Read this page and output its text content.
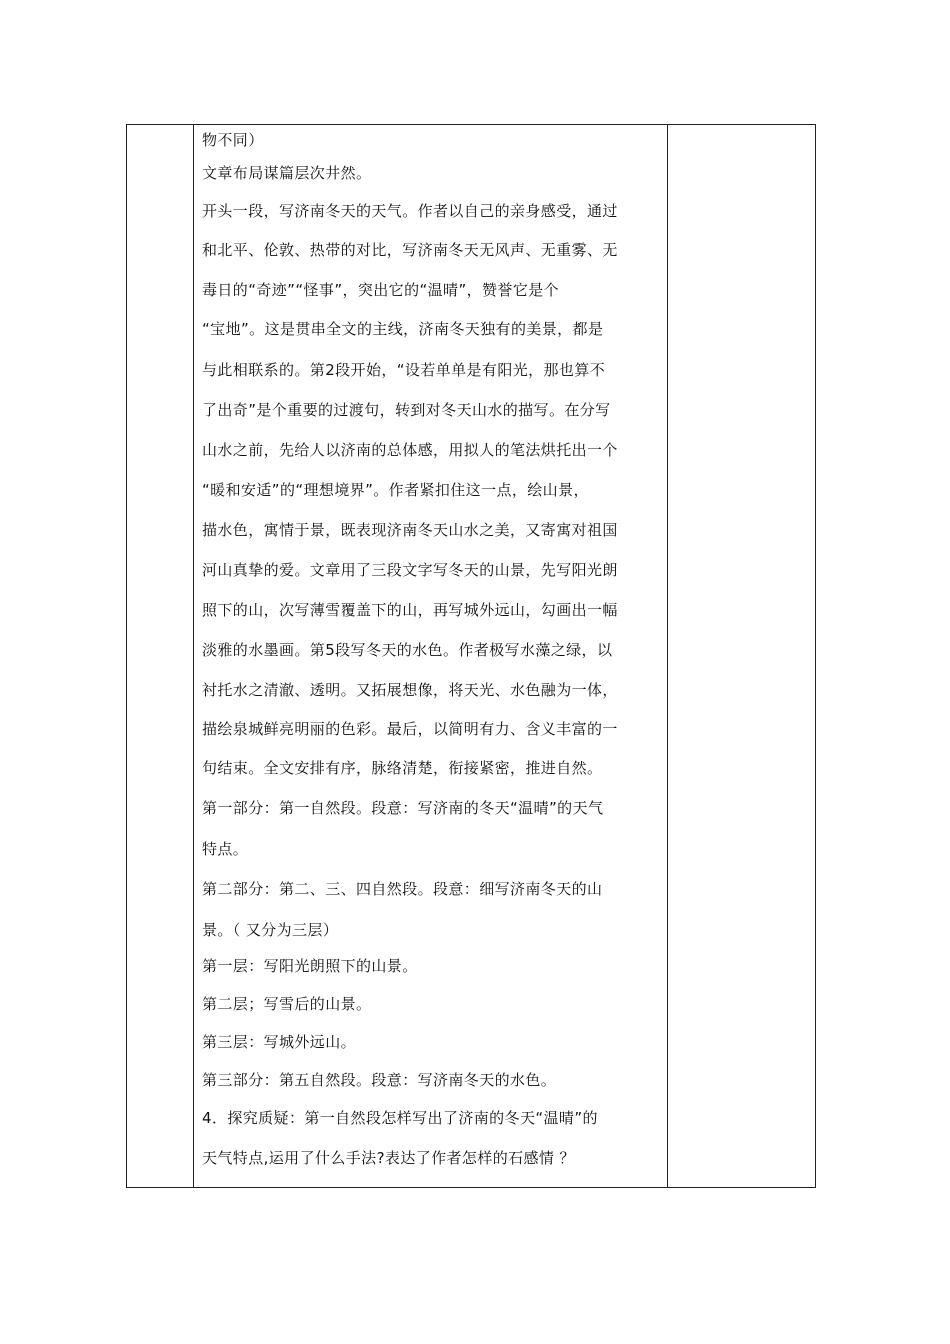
物不同）
文章布局谋篇层次井然。
开头一段，写济南冬天的天气。作者以自己的亲身感受，通过
和北平、伦敦、热带的对比，写济南冬天无风声、无重雾、无
毒日的“奇迹”“怪事”，突出它的“温晴”，赞誉它是个
“宝地”。这是贯串全文的主线，济南冬天独有的美景，都是
与此相联系的。第2段开始，“设若单单是有阳光，那也算不
了出奇”是个重要的过渡句，转到对冬天山水的描写。在分写
山水之前，先给人以济南的总体感，用拟人的笔法烘托出一个
“暖和安适”的“理想境界”。作者紧扣住这一点，绘山景，
描水色，寓情于景，既表现济南冬天山水之美，又寄寓对祖国
河山真挚的爱。文章用了三段文字写冬天的山景，先写阳光朗
照下的山，次写薄雪覆盖下的山，再写城外远山，勾画出一幅
淡雅的水墨画。第5段写冬天的水色。作者极写水藻之绿，以
衬托水之清澈、透明。又拓展想像，将天光、水色融为一体，
描绘泉城鲜亮明丽的色彩。最后，以简明有力、含义丰富的一
句结束。全文安排有序，脉络清楚，衔接紧密，推进自然。
第一部分：第一自然段。段意：写济南的冬天“温晴”的天气
特点。
第二部分：第二、三、四自然段。段意：细写济南冬天的山
景。（ 又分为三层）
第一层：写阳光朗照下的山景。
第二层；写雪后的山景。
第三层：写城外远山。
第三部分：第五自然段。段意：写济南冬天的水色。
4．探究质疑：第一自然段怎样写出了济南的冬天“温晴”的
天气特点,运用了什么手法?表达了作者怎样的石感情 ？
